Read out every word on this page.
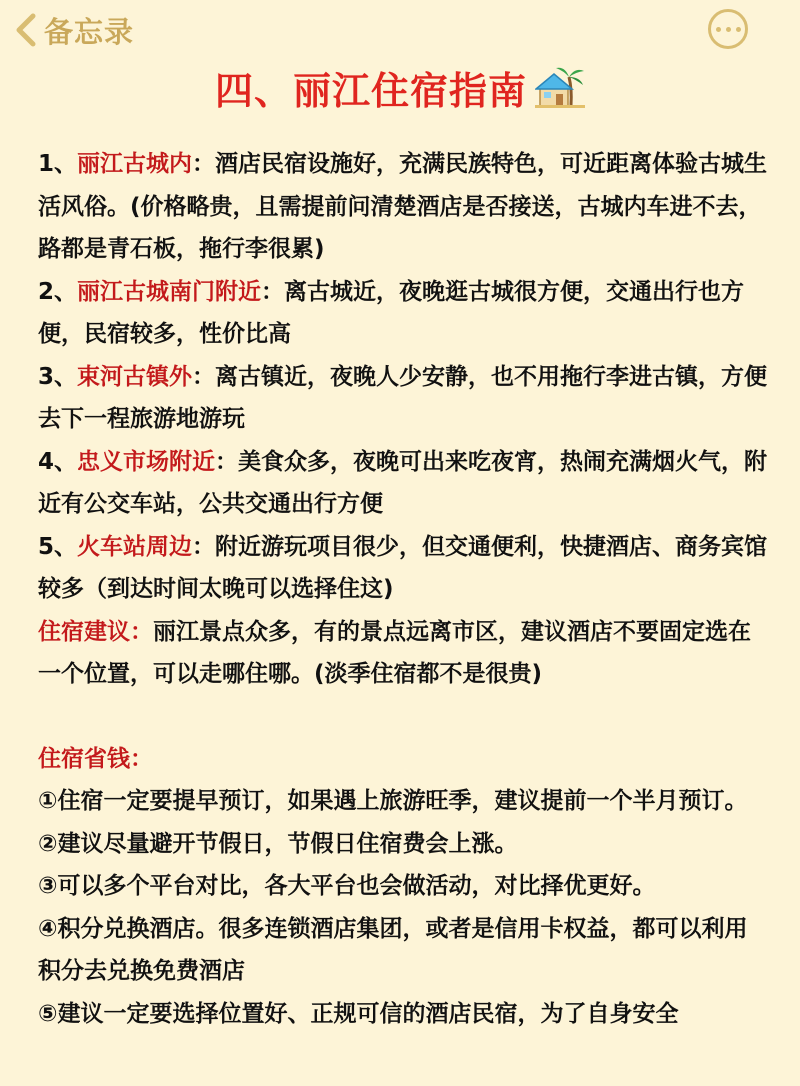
备忘录
四、丽江住宿指南

1、丽江古城内：酒店民宿设施好，充满民族特色，可近距离体验古城生活风俗。(价格略贵，且需提前问清楚酒店是否接送，古城内车进不去，路都是青石板，拖行李很累)

2、丽江古城南门附近：离古城近，夜晚逛古城很方便，交通出行也方便，民宿较多，性价比高

3、束河古镇外：离古镇近，夜晚人少安静，也不用拖行李进古镇，方便去下一程旅游地游玩

4、忠义市场附近：美食众多，夜晚可出来吃夜宵，热闹充满烟火气，附近有公交车站，公共交通出行方便

5、火车站周边：附近游玩项目很少，但交通便利，快捷酒店、商务宾馆较多（到达时间太晚可以选择住这)

住宿建议：丽江景点众多，有的景点远离市区，建议酒店不要固定选在一个位置，可以走哪住哪。(淡季住宿都不是很贵)

住宿省钱：

①住宿一定要提早预订，如果遇上旅游旺季，建议提前一个半月预订。

②建议尽量避开节假日，节假日住宿费会上涨。

③可以多个平台对比，各大平台也会做活动，对比择优更好。

④积分兑换酒店。很多连锁酒店集团，或者是信用卡权益，都可以利用积分去兑换免费酒店

⑤建议一定要选择位置好、正规可信的酒店民宿，为了自身安全
